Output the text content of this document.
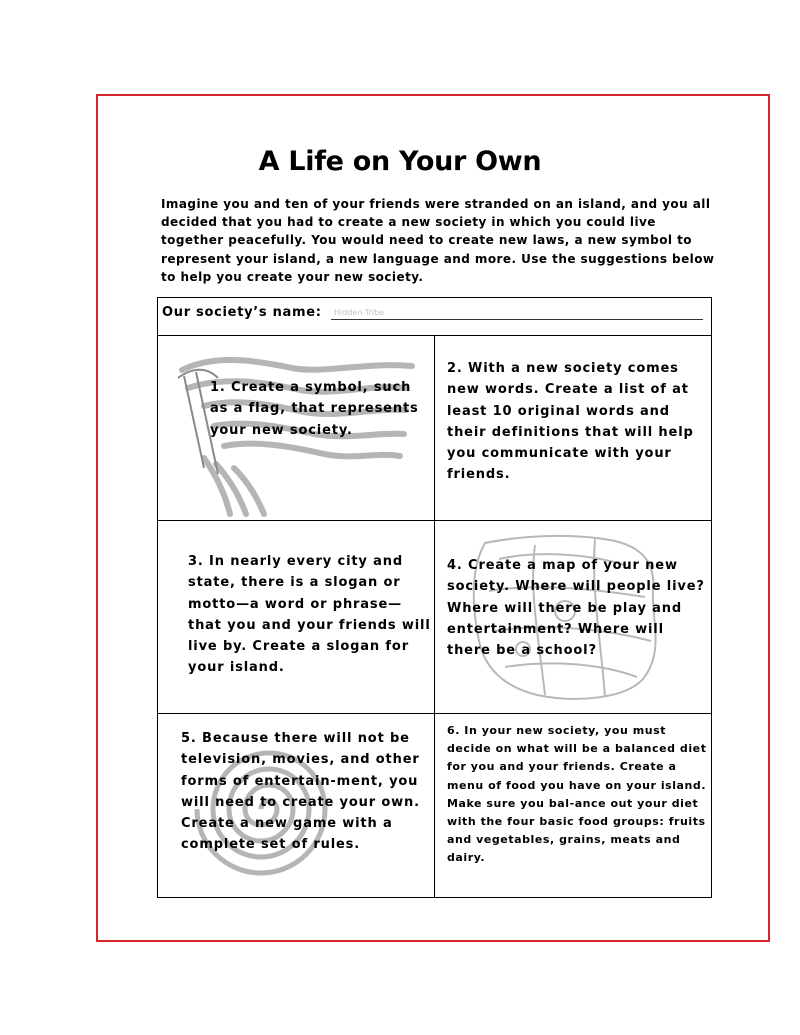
A Life on Your Own
Imagine you and ten of your friends were stranded on an island, and you all decided that you had to create a new society in which you could live together peacefully. You would need to create new laws, a new symbol to represent your island, a new language and more. Use the suggestions below to help you create your new society.
Our society’s name:
Hidden Tribe
1. Create a symbol, such as a flag, that represents your new society.
2. With a new society comes new words. Create a list of at least 10 original words and their definitions that will help you communicate with your friends.
3. In nearly every city and state, there is a slogan or motto—a word or phrase—that you and your friends will live by. Create a slogan for your island.
4. Create a map of your new society. Where will people live? Where will there be play and entertainment? Where will there be a school?
5. Because there will not be television, movies, and other forms of entertain-ment, you will need to create your own. Create a new game with a complete set of rules.
6. In your new society, you must decide on what will be a balanced diet for you and your friends. Create a menu of food you have on your island. Make sure you bal-ance out your diet with the four basic food groups: fruits and vegetables, grains, meats and dairy.
